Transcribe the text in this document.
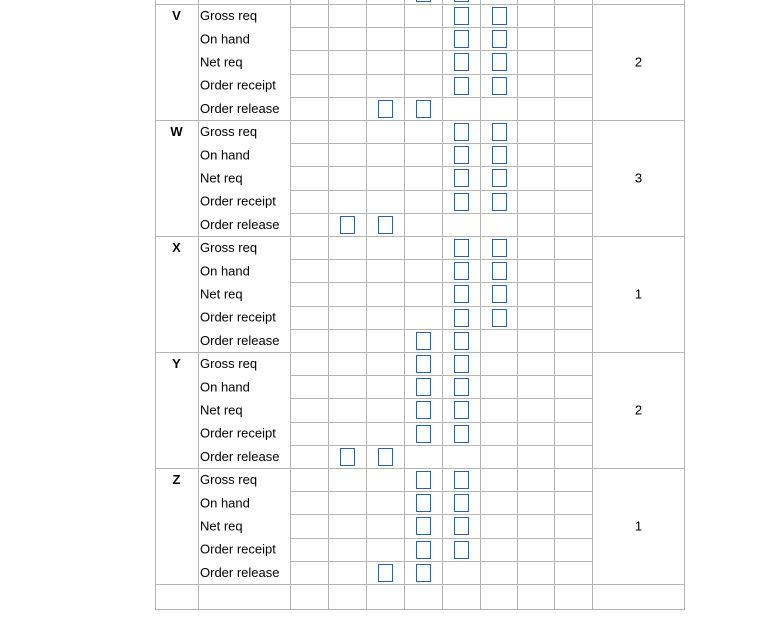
V Gross req
On hand
Net req
Order receipt
Order release
2
W Gross req
On hand
Net req
Order receipt
Order release
3
X Gross req
On hand
Net req
Order receipt
Order release
1
Y Gross req
On hand
Net req
Order receipt
Order release
2
Z Gross req
On hand
Net req
Order receipt
Order release
1
